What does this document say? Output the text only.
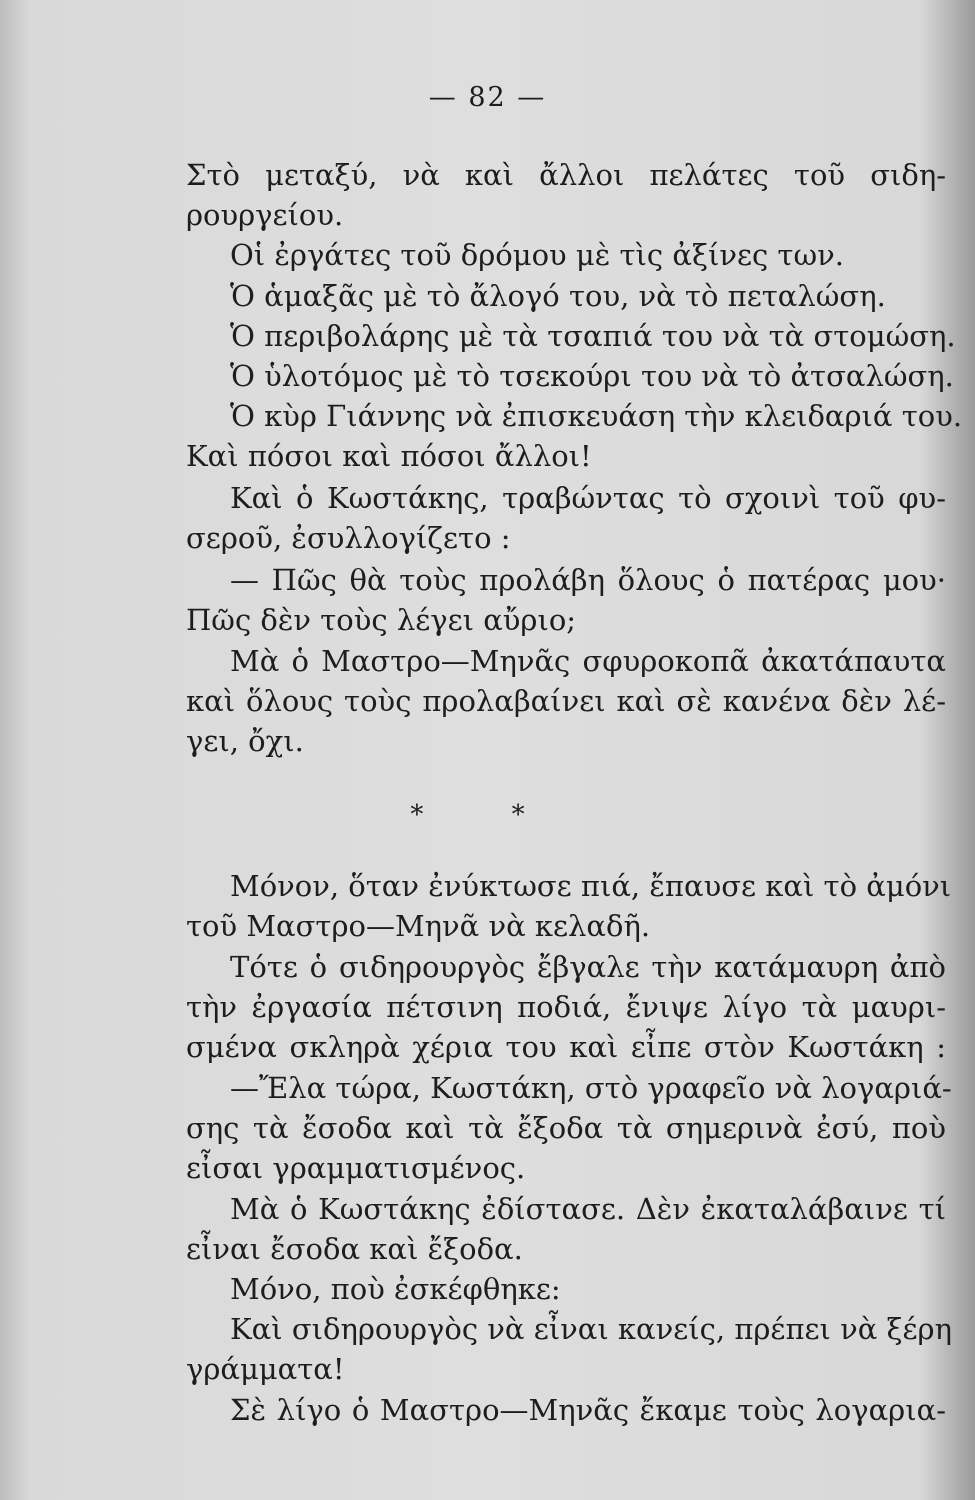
— 82 —
Στὸ μεταξύ, νὰ καὶ ἄλλοι πελάτες τοῦ σιδη-
ρουργείου.
Οἱ ἐργάτες τοῦ δρόμου μὲ τὶς ἀξίνες των.
Ὁ ἁμαξᾶς μὲ τὸ ἄλογό του, νὰ τὸ πεταλώση.
Ὁ περιβολάρης μὲ τὰ τσαπιά του νὰ τὰ στομώση.
Ὁ ὑλοτόμος μὲ τὸ τσεκούρι του νὰ τὸ ἀτσαλώση.
Ὁ κὺρ Γιάννης νὰ ἐπισκευάση τὴν κλειδαριά του.
Καὶ πόσοι καὶ πόσοι ἄλλοι!
Καὶ ὁ Κωστάκης, τραβώντας τὸ σχοινὶ τοῦ φυ-
σεροῦ, ἐσυλλογίζετο :
— Πῶς θὰ τοὺς προλάβη ὅλους ὁ πατέρας μου·
Πῶς δὲν τοὺς λέγει αὔριο;
Μὰ ὁ Μαστρο—Μηνᾶς σφυροκοπᾶ ἀκατάπαυτα
καὶ ὅλους τοὺς προλαβαίνει καὶ σὲ κανένα δὲν λέ-
γει, ὄχι.
* *
Μόνον, ὅταν ἐνύκτωσε πιά, ἔπαυσε καὶ τὸ ἀμόνι
τοῦ Μαστρο—Μηνᾶ νὰ κελαδῆ.
Τότε ὁ σιδηρουργὸς ἔβγαλε τὴν κατάμαυρη ἀπὸ
τὴν ἐργασία πέτσινη ποδιά, ἔνιψε λίγο τὰ μαυρι-
σμένα σκληρὰ χέρια του καὶ εἶπε στὸν Κωστάκη :
—Ἔλα τώρα, Κωστάκη, στὸ γραφεῖο νὰ λογαριά-
σης τὰ ἔσοδα καὶ τὰ ἔξοδα τὰ σημερινὰ ἐσύ, ποὺ
εἶσαι γραμματισμένος.
Μὰ ὁ Κωστάκης ἐδίστασε. Δὲν ἐκαταλάβαινε τί
εἶναι ἔσοδα καὶ ἔξοδα.
Μόνο, ποὺ ἐσκέφθηκε:
Καὶ σιδηρουργὸς νὰ εἶναι κανείς, πρέπει νὰ ξέρη
γράμματα!
Σὲ λίγο ὁ Μαστρο—Μηνᾶς ἔκαμε τοὺς λογαρια-
